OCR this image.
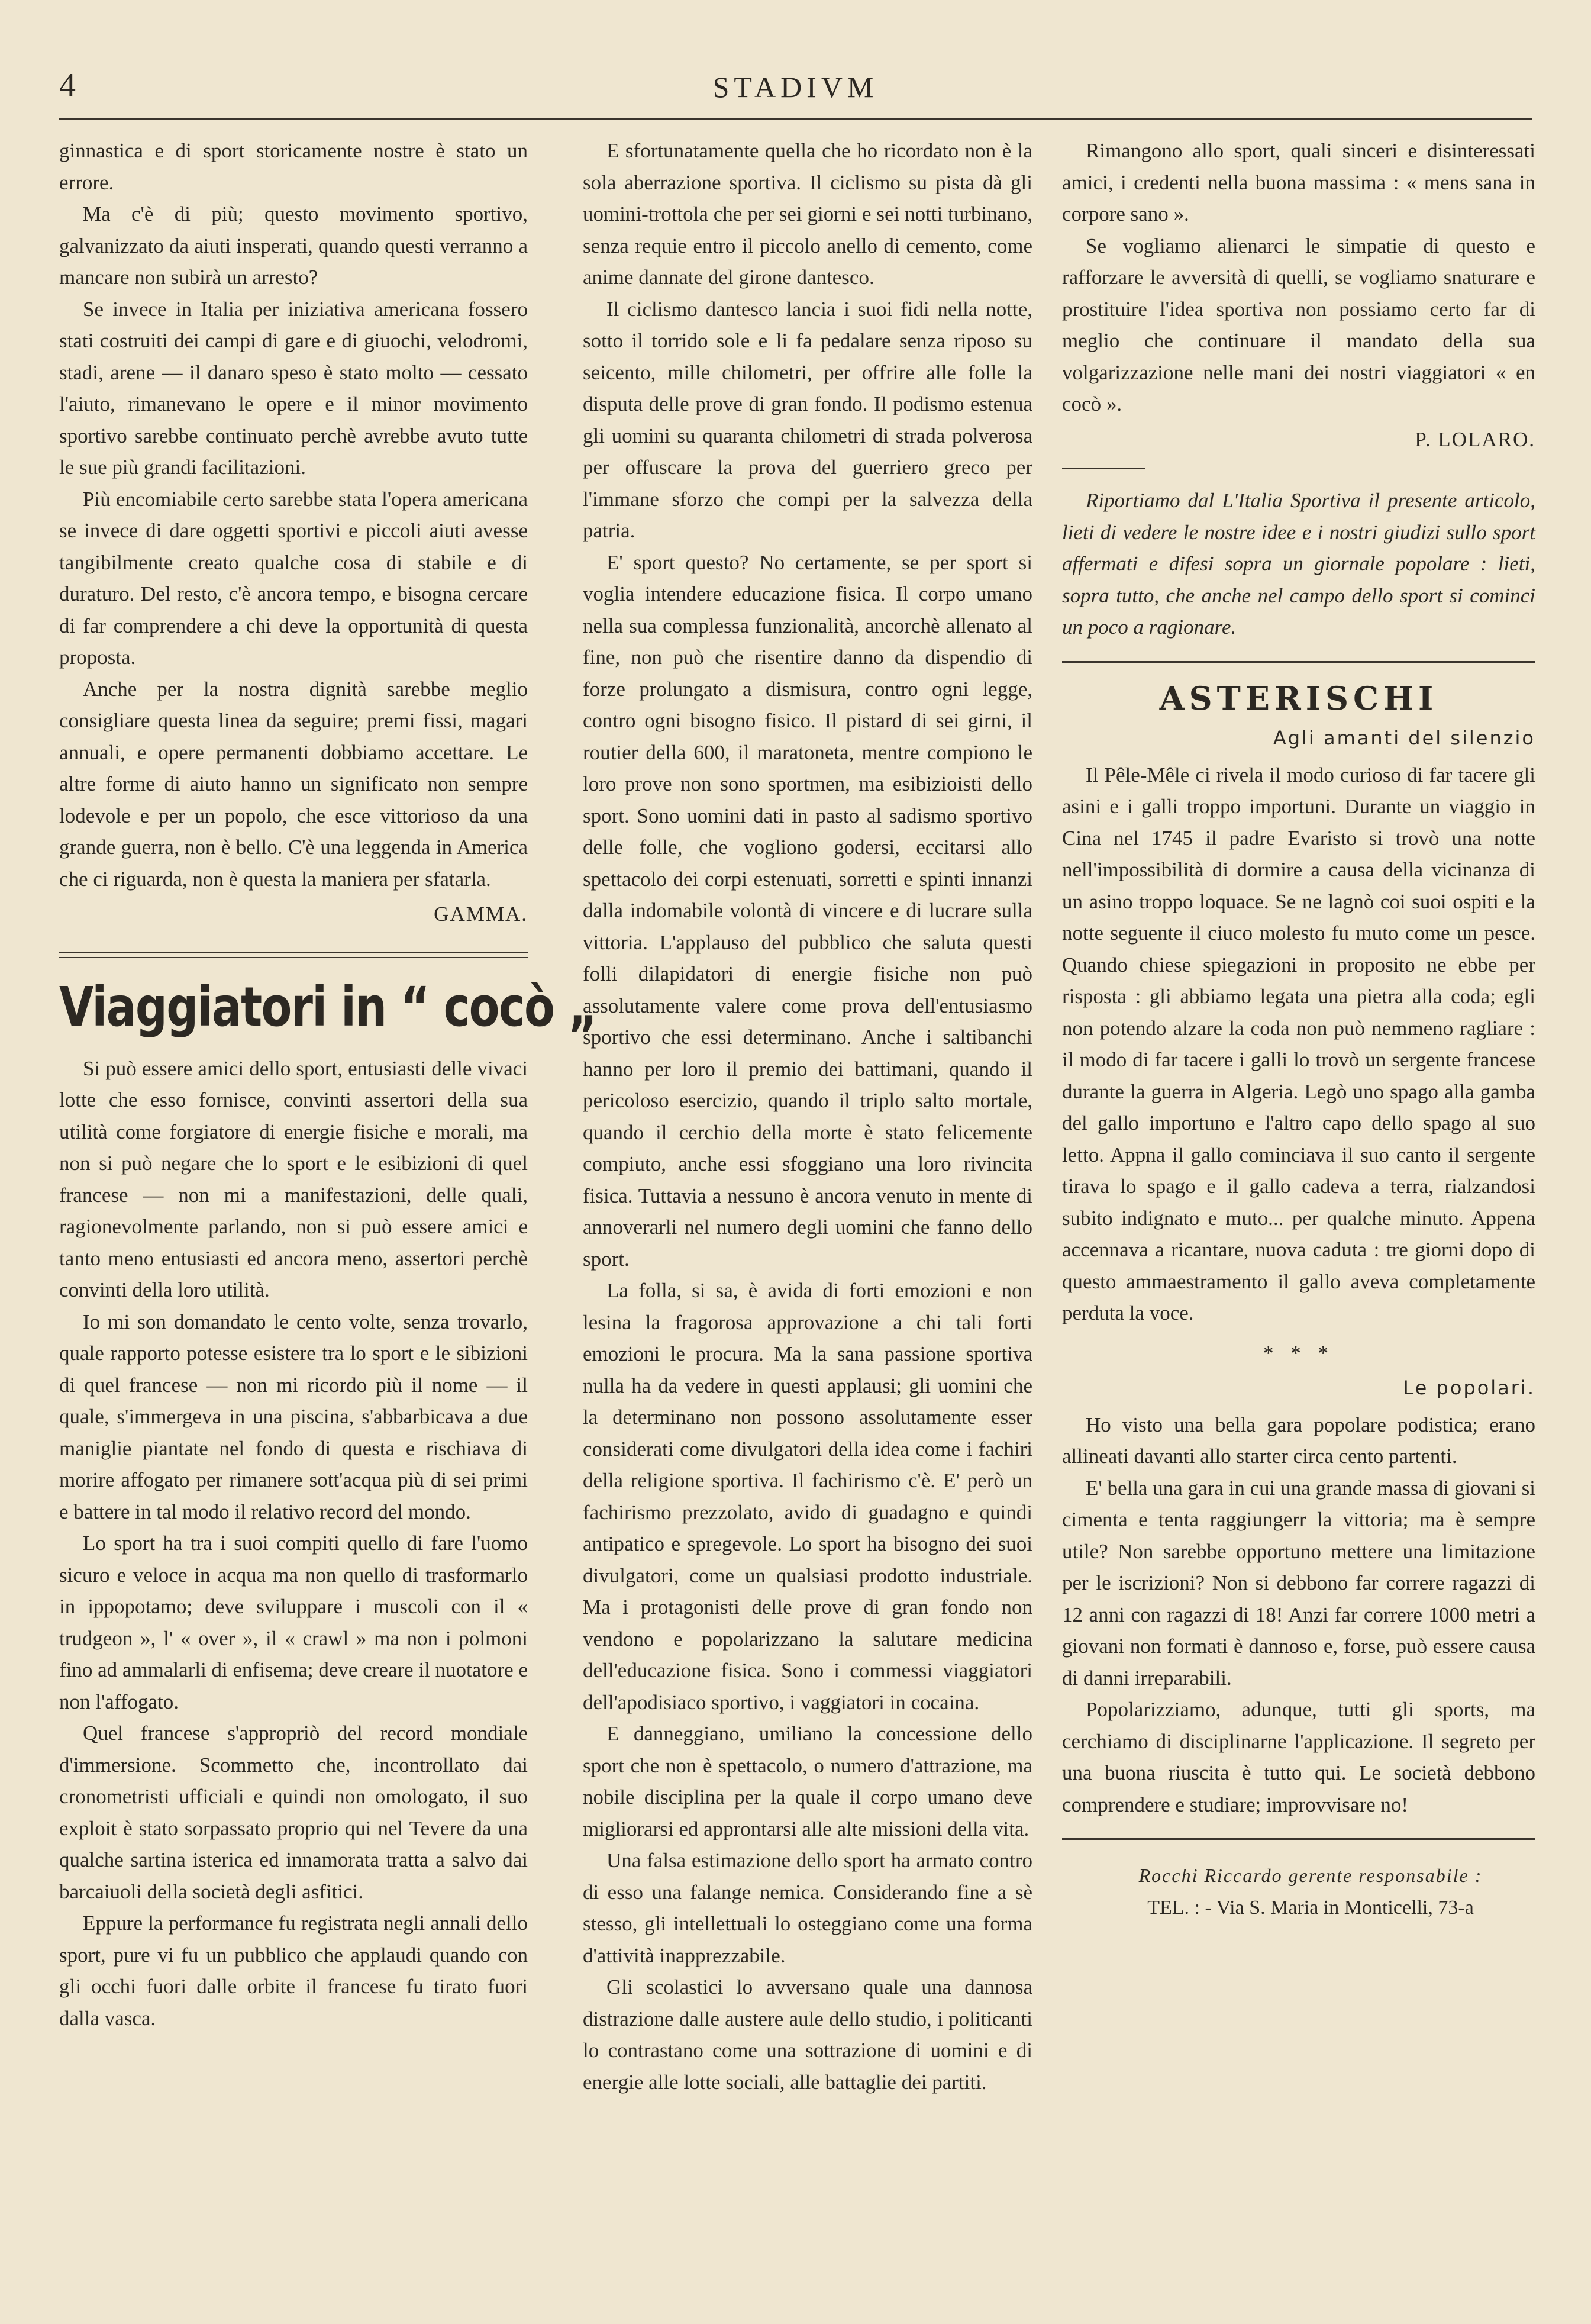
4	STADIVM

ginnastica e di sport storicamente nostre è stato un errore.

Ma c'è di più; questo movimento sportivo, galvanizzato da aiuti insperati, quando questi verranno a mancare non subirà un arresto?

Se invece in Italia per iniziativa americana fossero stati costruiti dei campi di gare e di giuochi, velodromi, stadi, arene — il danaro speso è stato molto — cessato l'aiuto, rimanevano le opere e il minor movimento sportivo sarebbe continuato perchè avrebbe avuto tutte le sue più grandi facilitazioni.

Più encomiabile certo sarebbe stata l'opera americana se invece di dare oggetti sportivi e piccoli aiuti avesse tangibilmente creato qualche cosa di stabile e di duraturo. Del resto, c'è ancora tempo, e bisogna cercare di far comprendere a chi deve la opportunità di questa proposta.

Anche per la nostra dignità sarebbe meglio consigliare questa linea da seguire; premi fissi, magari annuali, e opere permanenti dobbiamo accettare. Le altre forme di aiuto hanno un significato non sempre lodevole e per un popolo, che esce vittorioso da una grande guerra, non è bello. C'è una leggenda in America che ci riguarda, non è questa la maniera per sfatarla.

GAMMA.
Viaggiatori in “ cocò „

Si può essere amici dello sport, entusiasti delle vivaci lotte che esso fornisce, convinti assertori della sua utilità come forgiatore di energie fisiche e morali, ma non si può negare che lo sport e le esibizioni di quel francese — non mi a manifestazioni, delle quali, ragionevolmente parlando, non si può essere amici e tanto meno entusiasti ed ancora meno, assertori perchè convinti della loro utilità.

Io mi son domandato le cento volte, senza trovarlo, quale rapporto potesse esistere tra lo sport e le sibizioni di quel francese — non mi ricordo più il nome — il quale, s'immergeva in una piscina, s'abbarbicava a due maniglie piantate nel fondo di questa e rischiava di morire affogato per rimanere sott'acqua più di sei primi e battere in tal modo il relativo record del mondo.

Lo sport ha tra i suoi compiti quello di fare l'uomo sicuro e veloce in acqua ma non quello di trasformarlo in ippopotamo; deve sviluppare i muscoli con il « trudgeon », l' « over », il « crawl » ma non i polmoni fino ad ammalarli di enfisema; deve creare il nuotatore e non l'affogato.

Quel francese s'appropriò del record mondiale d'immersione. Scommetto che, incontrollato dai cronometristi ufficiali e quindi non omologato, il suo exploit è stato sorpassato proprio qui nel Tevere da una qualche sartina isterica ed innamorata tratta a salvo dai barcaiuoli della società degli asfitici.

Eppure la performance fu registrata negli annali dello sport, pure vi fu un pubblico che applaudi quando con gli occhi fuori dalle orbite il francese fu tirato fuori dalla vasca.

E sfortunatamente quella che ho ricordato non è la sola aberrazione sportiva. Il ciclismo su pista dà gli uomini-trottola che per sei giorni e sei notti turbinano, senza requie entro il piccolo anello di cemento, come anime dannate del girone dantesco.

Il ciclismo dantesco lancia i suoi fidi nella notte, sotto il torrido sole e li fa pedalare senza riposo su seicento, mille chilometri, per offrire alle folle la disputa delle prove di gran fondo. Il podismo estenua gli uomini su quaranta chilometri di strada polverosa per offuscare la prova del guerriero greco per l'immane sforzo che compi per la salvezza della patria.

E' sport questo? No certamente, se per sport si voglia intendere educazione fisica. Il corpo umano nella sua complessa funzionalità, ancorchè allenato al fine, non può che risentire danno da dispendio di forze prolungato a dismisura, contro ogni legge, contro ogni bisogno fisico. Il pistard di sei girni, il routier della 600, il maratoneta, mentre compiono le loro prove non sono sportmen, ma esibizioisti dello sport. Sono uomini dati in pasto al sadismo sportivo delle folle, che vogliono godersi, eccitarsi allo spettacolo dei corpi estenuati, sorretti e spinti innanzi dalla indomabile volontà di vincere e di lucrare sulla vittoria. L'applauso del pubblico che saluta questi folli dilapidatori di energie fisiche non può assolutamente valere come prova dell'entusiasmo sportivo che essi determinano. Anche i saltibanchi hanno per loro il premio dei battimani, quando il pericoloso esercizio, quando il triplo salto mortale, quando il cerchio della morte è stato felicemente compiuto, anche essi sfoggiano una loro rivincita fisica. Tuttavia a nessuno è ancora venuto in mente di annoverarli nel numero degli uomini che fanno dello sport.

La folla, si sa, è avida di forti emozioni e non lesina la fragorosa approvazione a chi tali forti emozioni le procura. Ma la sana passione sportiva nulla ha da vedere in questi applausi; gli uomini che la determinano non possono assolutamente esser considerati come divulgatori della idea come i fachiri della religione sportiva. Il fachirismo c'è. E' però un fachirismo prezzolato, avido di guadagno e quindi antipatico e spregevole. Lo sport ha bisogno dei suoi divulgatori, come un qualsiasi prodotto industriale. Ma i protagonisti delle prove di gran fondo non vendono e popolarizzano la salutare medicina dell'educazione fisica. Sono i commessi viaggiatori dell'apodisiaco sportivo, i vaggiatori in cocaina.

E danneggiano, umiliano la concessione dello sport che non è spettacolo, o numero d'attrazione, ma nobile disciplina per la quale il corpo umano deve migliorarsi ed approntarsi alle alte missioni della vita.

Una falsa estimazione dello sport ha armato contro di esso una falange nemica. Considerando fine a sè stesso, gli intellettuali lo osteggiano come una forma d'attività inapprezzabile.

Gli scolastici lo avversano quale una dannosa distrazione dalle austere aule dello studio, i politicanti lo contrastano come una sottrazione di uomini e di energie alle lotte sociali, alle battaglie dei partiti.

Rimangono allo sport, quali sinceri e disinteressati amici, i credenti nella buona massima : « mens sana in corpore sano ».

Se vogliamo alienarci le simpatie di questo e rafforzare le avversità di quelli, se vogliamo snaturare e prostituire l'idea sportiva non possiamo certo far di meglio che continuare il mandato della sua volgarizzazione nelle mani dei nostri viaggiatori « en cocò ».

P. LOLARO.

Riportiamo dal L'Italia Sportiva il presente articolo, lieti di vedere le nostre idee e i nostri giudizi sullo sport affermati e difesi sopra un giornale popolare : lieti, sopra tutto, che anche nel campo dello sport si cominci un poco a ragionare.

ASTERISCHI
Agli amanti del silenzio

Il Pêle-Mêle ci rivela il modo curioso di far tacere gli asini e i galli troppo importuni. Durante un viaggio in Cina nel 1745 il padre Evaristo si trovò una notte nell'impossibilità di dormire a causa della vicinanza di un asino troppo loquace. Se ne lagnò coi suoi ospiti e la notte seguente il ciuco molesto fu muto come un pesce. Quando chiese spiegazioni in proposito ne ebbe per risposta : gli abbiamo legata una pietra alla coda; egli non potendo alzare la coda non può nemmeno ragliare : il modo di far tacere i galli lo trovò un sergente francese durante la guerra in Algeria. Legò uno spago alla gamba del gallo importuno e l'altro capo dello spago al suo letto. Appna il gallo cominciava il suo canto il sergente tirava lo spago e il gallo cadeva a terra, rialzandosi subito indignato e muto... per qualche minuto. Appena accennava a ricantare, nuova caduta : tre giorni dopo di questo ammaestramento il gallo aveva completamente perduta la voce.

* * *
Le popolari.

Ho visto una bella gara popolare podistica; erano allineati davanti allo starter circa cento partenti.

E' bella una gara in cui una grande massa di giovani si cimenta e tenta raggiungerr la vittoria; ma è sempre utile? Non sarebbe opportuno mettere una limitazione per le iscrizioni? Non si debbono far correre ragazzi di 12 anni con ragazzi di 18! Anzi far correre 1000 metri a giovani non formati è dannoso e, forse, può essere causa di danni irreparabili.

Popolarizziamo, adunque, tutti gli sports, ma cerchiamo di disciplinarne l'applicazione. Il segreto per una buona riuscita è tutto qui. Le società debbono comprendere e studiare; improvvisare no!

Rocchi Riccardo gerente responsabile :

TEL. : - Via S. Maria in Monticelli, 73-a
